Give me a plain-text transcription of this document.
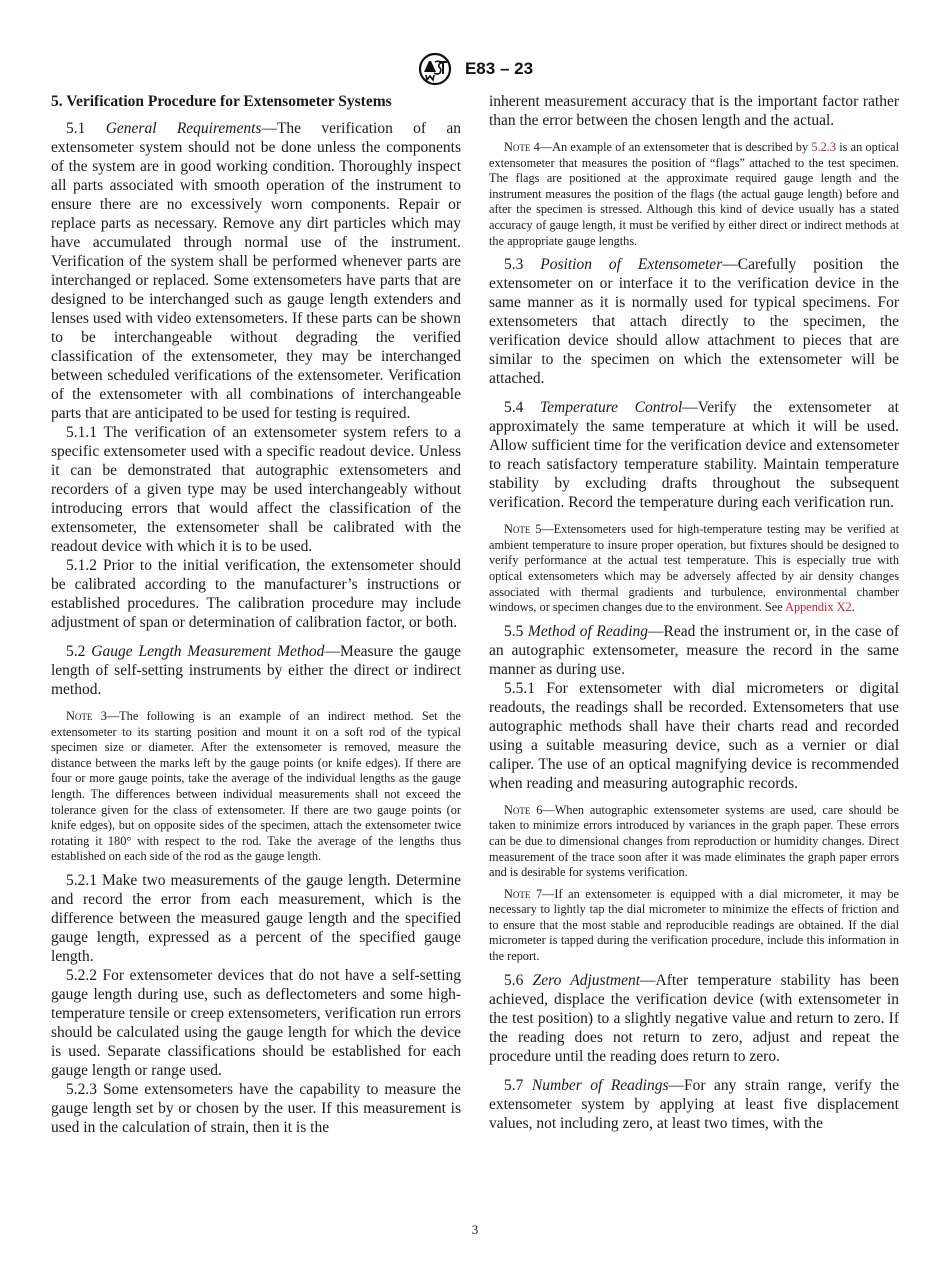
E83 – 23

5. Verification Procedure for Extensometer Systems

5.1 General Requirements—The verification of an extensometer system should not be done unless the components of the system are in good working condition. Thoroughly inspect all parts associated with smooth operation of the instrument to ensure there are no excessively worn components. Repair or replace parts as necessary. Remove any dirt particles which may have accumulated through normal use of the instrument. Verification of the system shall be performed whenever parts are interchanged or replaced. Some extensometers have parts that are designed to be interchanged such as gauge length extenders and lenses used with video extensometers. If these parts can be shown to be interchangeable without degrading the verified classification of the extensometer, they may be interchanged between scheduled verifications of the extensometer. Verification of the extensometer with all combinations of interchangeable parts that are anticipated to be used for testing is required.

5.1.1 The verification of an extensometer system refers to a specific extensometer used with a specific readout device. Unless it can be demonstrated that autographic extensometers and recorders of a given type may be used interchangeably without introducing errors that would affect the classification of the extensometer, the extensometer shall be calibrated with the readout device with which it is to be used.

5.1.2 Prior to the initial verification, the extensometer should be calibrated according to the manufacturer’s instructions or established procedures. The calibration procedure may include adjustment of span or determination of calibration factor, or both.

5.2 Gauge Length Measurement Method—Measure the gauge length of self-setting instruments by either the direct or indirect method.

Note 3—The following is an example of an indirect method. Set the extensometer to its starting position and mount it on a soft rod of the typical specimen size or diameter. After the extensometer is removed, measure the distance between the marks left by the gauge points (or knife edges). If there are four or more gauge points, take the average of the individual lengths as the gauge length. The differences between individual measurements shall not exceed the tolerance given for the class of extensometer. If there are two gauge points (or knife edges), but on opposite sides of the specimen, attach the extensometer twice rotating it 180° with respect to the rod. Take the average of the lengths thus established on each side of the rod as the gauge length.

5.2.1 Make two measurements of the gauge length. Determine and record the error from each measurement, which is the difference between the measured gauge length and the specified gauge length, expressed as a percent of the specified gauge length.

5.2.2 For extensometer devices that do not have a self-setting gauge length during use, such as deflectometers and some high-temperature tensile or creep extensometers, verification run errors should be calculated using the gauge length for which the device is used. Separate classifications should be established for each gauge length or range used.

5.2.3 Some extensometers have the capability to measure the gauge length set by or chosen by the user. If this measurement is used in the calculation of strain, then it is the

inherent measurement accuracy that is the important factor rather than the error between the chosen length and the actual.

Note 4—An example of an extensometer that is described by 5.2.3 is an optical extensometer that measures the position of “flags” attached to the test specimen. The flags are positioned at the approximate required gauge length and the instrument measures the position of the flags (the actual gauge length) before and after the specimen is stressed. Although this kind of device usually has a stated accuracy of gauge length, it must be verified by either direct or indirect methods at the appropriate gauge lengths.

5.3 Position of Extensometer—Carefully position the extensometer on or interface it to the verification device in the same manner as it is normally used for typical specimens. For extensometers that attach directly to the specimen, the verification device should allow attachment to pieces that are similar to the specimen on which the extensometer will be attached.

5.4 Temperature Control—Verify the extensometer at approximately the same temperature at which it will be used. Allow sufficient time for the verification device and extensometer to reach satisfactory temperature stability. Maintain temperature stability by excluding drafts throughout the subsequent verification. Record the temperature during each verification run.

Note 5—Extensometers used for high-temperature testing may be verified at ambient temperature to insure proper operation, but fixtures should be designed to verify performance at the actual test temperature. This is especially true with optical extensometers which may be adversely affected by air density changes associated with thermal gradients and turbulence, environmental chamber windows, or specimen changes due to the environment. See Appendix X2.

5.5 Method of Reading—Read the instrument or, in the case of an autographic extensometer, measure the record in the same manner as during use.

5.5.1 For extensometer with dial micrometers or digital readouts, the readings shall be recorded. Extensometers that use autographic methods shall have their charts read and recorded using a suitable measuring device, such as a vernier or dial caliper. The use of an optical magnifying device is recommended when reading and measuring autographic records.

Note 6—When autographic extensometer systems are used, care should be taken to minimize errors introduced by variances in the graph paper. These errors can be due to dimensional changes from reproduction or humidity changes. Direct measurement of the trace soon after it was made eliminates the graph paper errors and is desirable for systems verification.

Note 7—If an extensometer is equipped with a dial micrometer, it may be necessary to lightly tap the dial micrometer to minimize the effects of friction and to ensure that the most stable and reproducible readings are obtained. If the dial micrometer is tapped during the verification procedure, include this information in the report.

5.6 Zero Adjustment—After temperature stability has been achieved, displace the verification device (with extensometer in the test position) to a slightly negative value and return to zero. If the reading does not return to zero, adjust and repeat the procedure until the reading does return to zero.

5.7 Number of Readings—For any strain range, verify the extensometer system by applying at least five displacement values, not including zero, at least two times, with the

3
